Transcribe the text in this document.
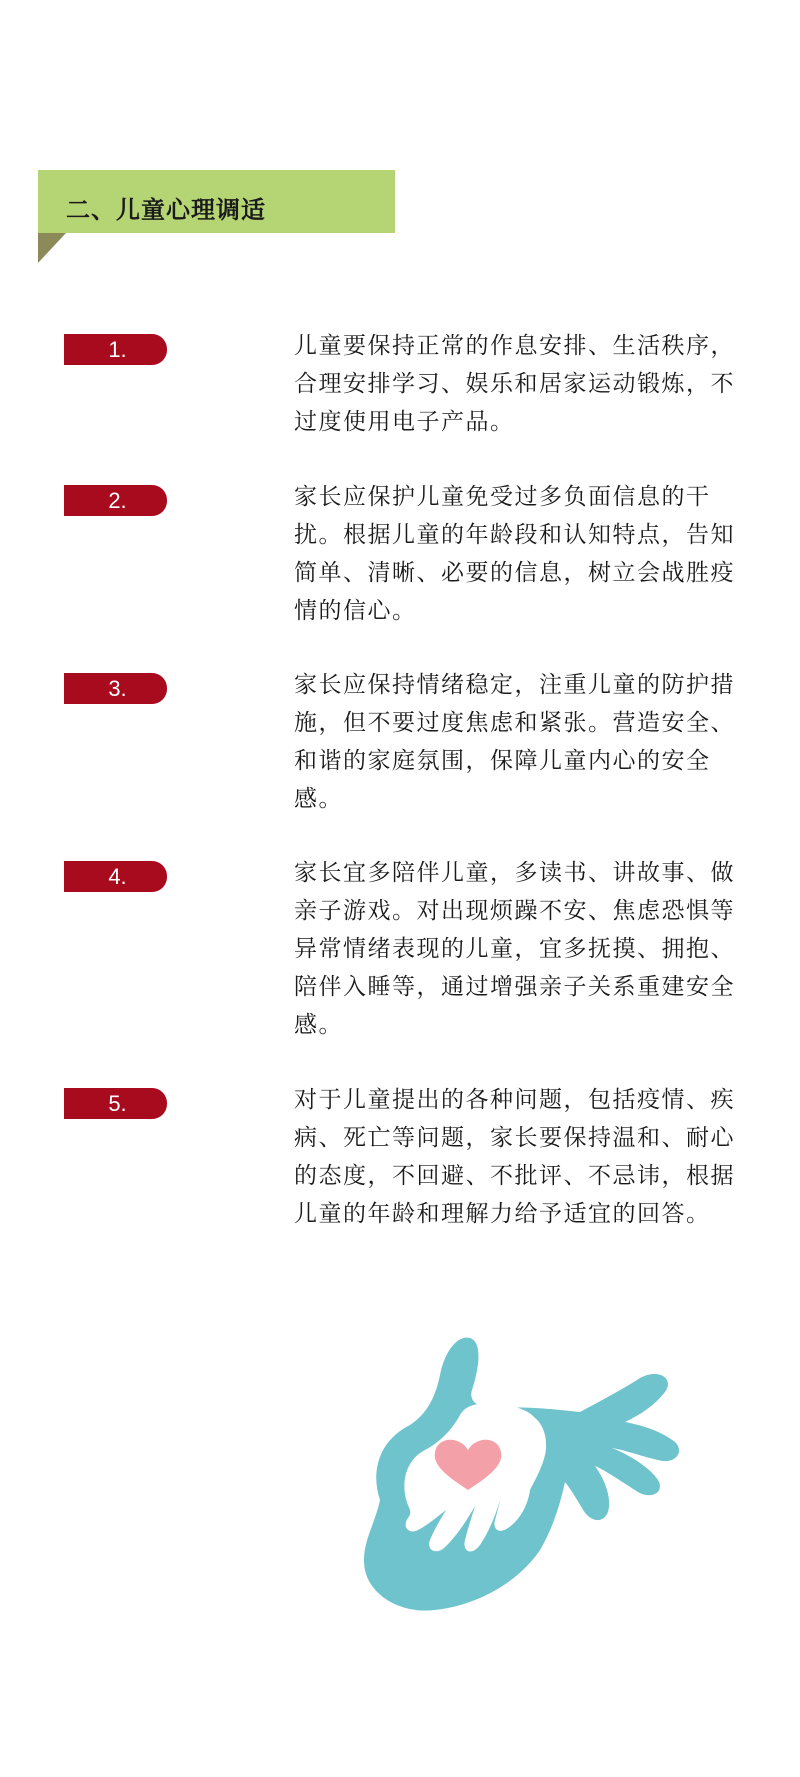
二、儿童心理调适
1.	儿童要保持正常的作息安排、生活秩序，合理安排学习、娱乐和居家运动锻炼，不过度使用电子产品。

2.	家长应保护儿童免受过多负面信息的干扰。根据儿童的年龄段和认知特点，告知简单、清晰、必要的信息，树立会战胜疫情的信心。

3.	家长应保持情绪稳定，注重儿童的防护措施，但不要过度焦虑和紧张。营造安全、和谐的家庭氛围，保障儿童内心的安全感。

4.	家长宜多陪伴儿童，多读书、讲故事、做亲子游戏。对出现烦躁不安、焦虑恐惧等异常情绪表现的儿童，宜多抚摸、拥抱、陪伴入睡等，通过增强亲子关系重建安全感。

5.	对于儿童提出的各种问题，包括疫情、疾病、死亡等问题，家长要保持温和、耐心的态度，不回避、不批评、不忌讳，根据儿童的年龄和理解力给予适宜的回答。
